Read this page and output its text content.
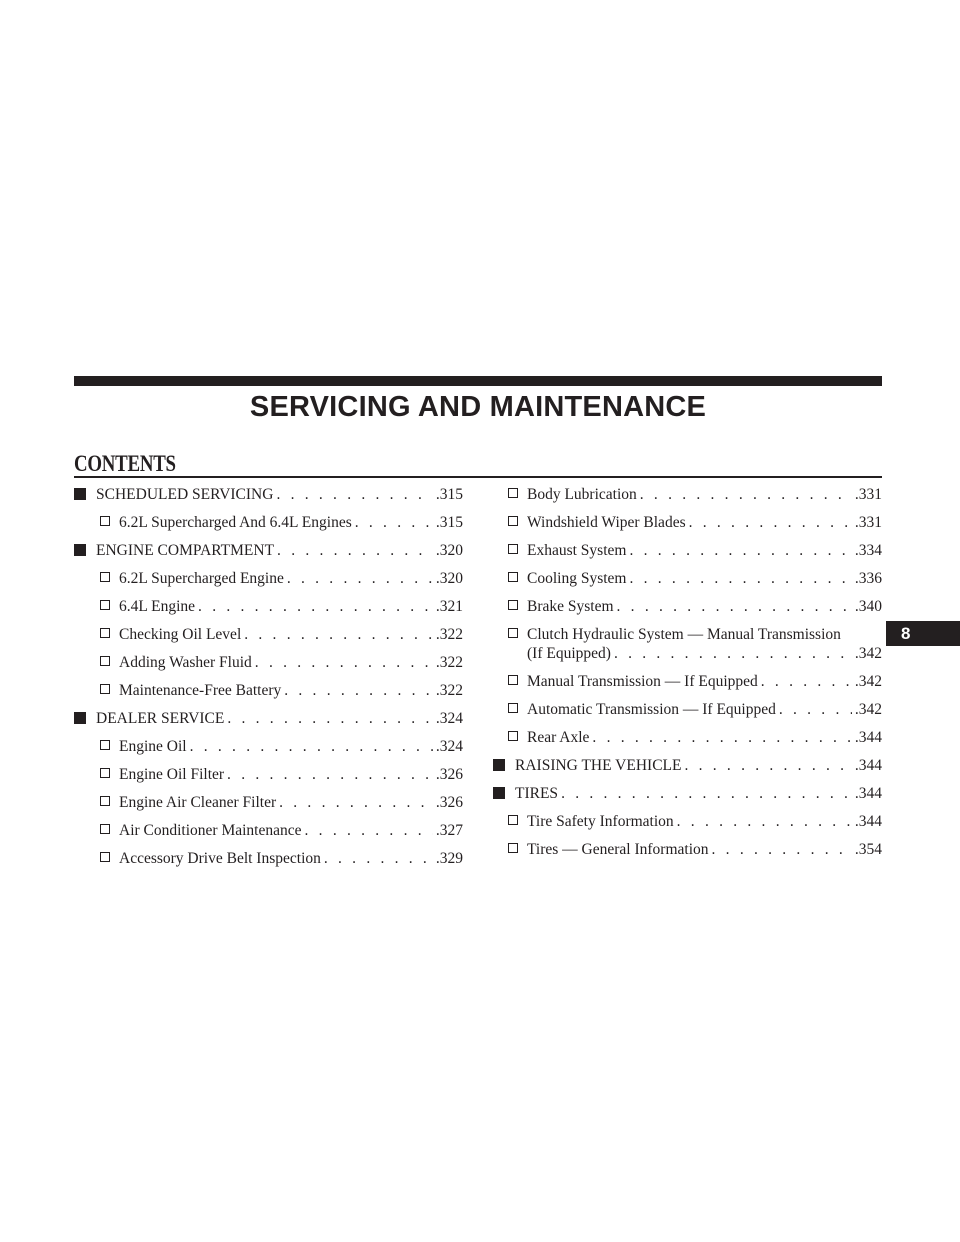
SERVICING AND MAINTENANCE
CONTENTS
SCHEDULED SERVICING . . .	.315
6.2L Supercharged And 6.4L Engines . . .	.315
ENGINE COMPARTMENT . . .	.320
6.2L Supercharged Engine . . .	.320
6.4L Engine . . .	.321
Checking Oil Level . . .	.322
Adding Washer Fluid . . .	.322
Maintenance-Free Battery . . .	.322
DEALER SERVICE . . .	.324
Engine Oil . . .	.324
Engine Oil Filter . . .	.326
Engine Air Cleaner Filter . . .	.326
Air Conditioner Maintenance . . .	.327
Accessory Drive Belt Inspection . . .	.329
Body Lubrication . . .	.331
Windshield Wiper Blades . . .	.331
Exhaust System . . .	.334
Cooling System . . .	.336
Brake System . . .	.340
Clutch Hydraulic System — Manual Transmission
(If Equipped) . . .	.342
Manual Transmission — If Equipped . . .	.342
Automatic Transmission — If Equipped . . .	.342
Rear Axle . . .	.344
RAISING THE VEHICLE . . .	.344
TIRES . . .	.344
Tire Safety Information . . .	.344
Tires — General Information . . .	.354
8
